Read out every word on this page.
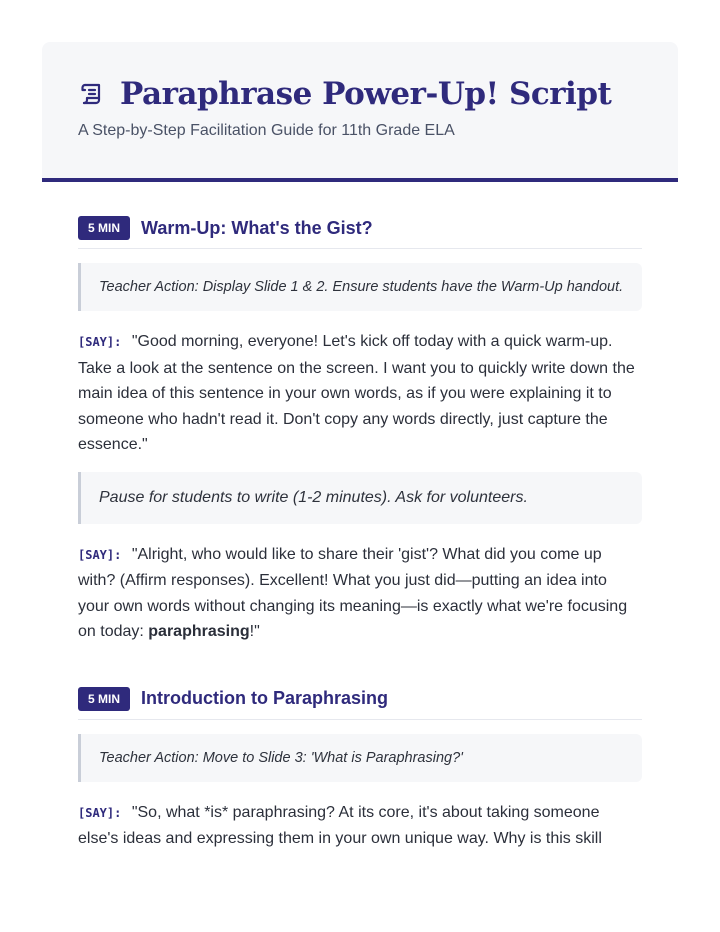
Paraphrase Power-Up! Script
A Step-by-Step Facilitation Guide for 11th Grade ELA
5 MIN	Warm-Up: What's the Gist?
Teacher Action: Display Slide 1 & 2. Ensure students have the Warm-Up handout.
[SAY]: "Good morning, everyone! Let's kick off today with a quick warm-up. Take a look at the sentence on the screen. I want you to quickly write down the main idea of this sentence in your own words, as if you were explaining it to someone who hadn't read it. Don't copy any words directly, just capture the essence."
Pause for students to write (1-2 minutes). Ask for volunteers.
[SAY]: "Alright, who would like to share their 'gist'? What did you come up with? (Affirm responses). Excellent! What you just did—putting an idea into your own words without changing its meaning—is exactly what we're focusing on today: paraphrasing!"
5 MIN	Introduction to Paraphrasing
Teacher Action: Move to Slide 3: 'What is Paraphrasing?'
[SAY]: "So, what *is* paraphrasing? At its core, it's about taking someone else's ideas and expressing them in your own unique way. Why is this skill
